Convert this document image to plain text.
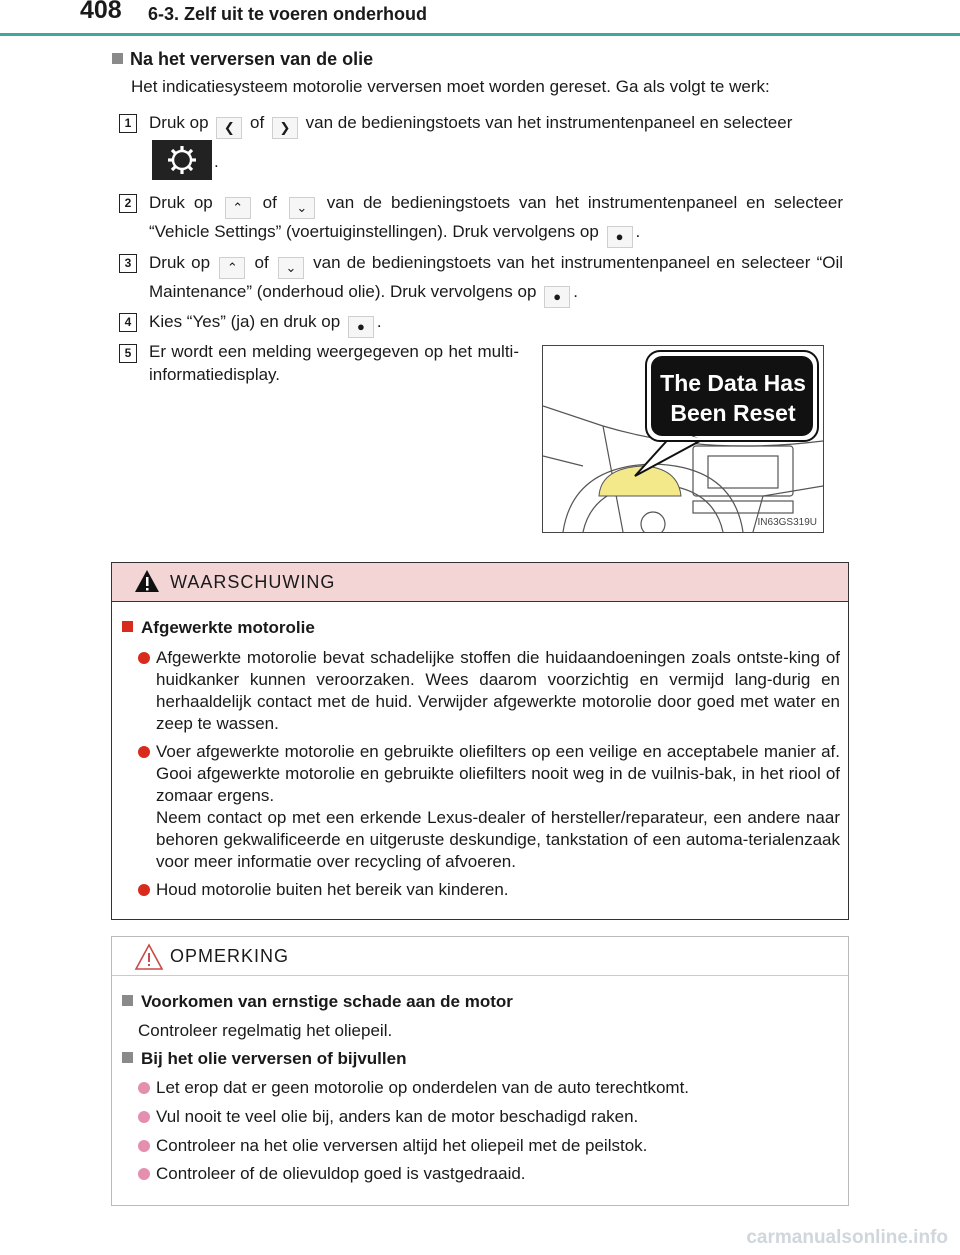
408 6-3. Zelf uit te voeren onderhoud
Na het verversen van de olie
Het indicatiesysteem motorolie verversen moet worden gereset. Ga als volgt te werk:
1	Druk op ❮ of ❯ van de bedieningstoets van het instrumentenpaneel en selecteer
.
2	Druk op ⌃ of ⌄ van de bedieningstoets van het instrumentenpaneel en selecteer “Vehicle Settings” (voertuiginstellingen). Druk vervolgens op ● .
3	Druk op ⌃ of ⌄ van de bedieningstoets van het instrumentenpaneel en selecteer “Oil Maintenance” (onderhoud olie). Druk vervolgens op ● .
4	Kies “Yes” (ja) en druk op ● .
5	Er wordt een melding weergegeven op het multi-informatiedisplay.	The Data Has
Been Reset
IN63GS319U
WAARSCHUWING
Afgewerkte motorolie
Afgewerkte motorolie bevat schadelijke stoffen die huidaandoeningen zoals ontste-king of huidkanker kunnen veroorzaken. Wees daarom voorzichtig en vermijd lang-durig en herhaaldelijk contact met de huid. Verwijder afgewerkte motorolie door goed met water en zeep te wassen.
Voer afgewerkte motorolie en gebruikte oliefilters op een veilige en acceptabele manier af. Gooi afgewerkte motorolie en gebruikte oliefilters nooit weg in de vuilnis-bak, in het riool of zomaar ergens.
Neem contact op met een erkende Lexus-dealer of hersteller/reparateur, een andere naar behoren gekwalificeerde en uitgeruste deskundige, tankstation of een automa-terialenzaak voor meer informatie over recycling of afvoeren.
Houd motorolie buiten het bereik van kinderen.
OPMERKING
Voorkomen van ernstige schade aan de motor
Controleer regelmatig het oliepeil.
Bij het olie verversen of bijvullen
Let erop dat er geen motorolie op onderdelen van de auto terechtkomt.
Vul nooit te veel olie bij, anders kan de motor beschadigd raken.
Controleer na het olie verversen altijd het oliepeil met de peilstok.
Controleer of de olievuldop goed is vastgedraaid.
carmanualsonline.info
